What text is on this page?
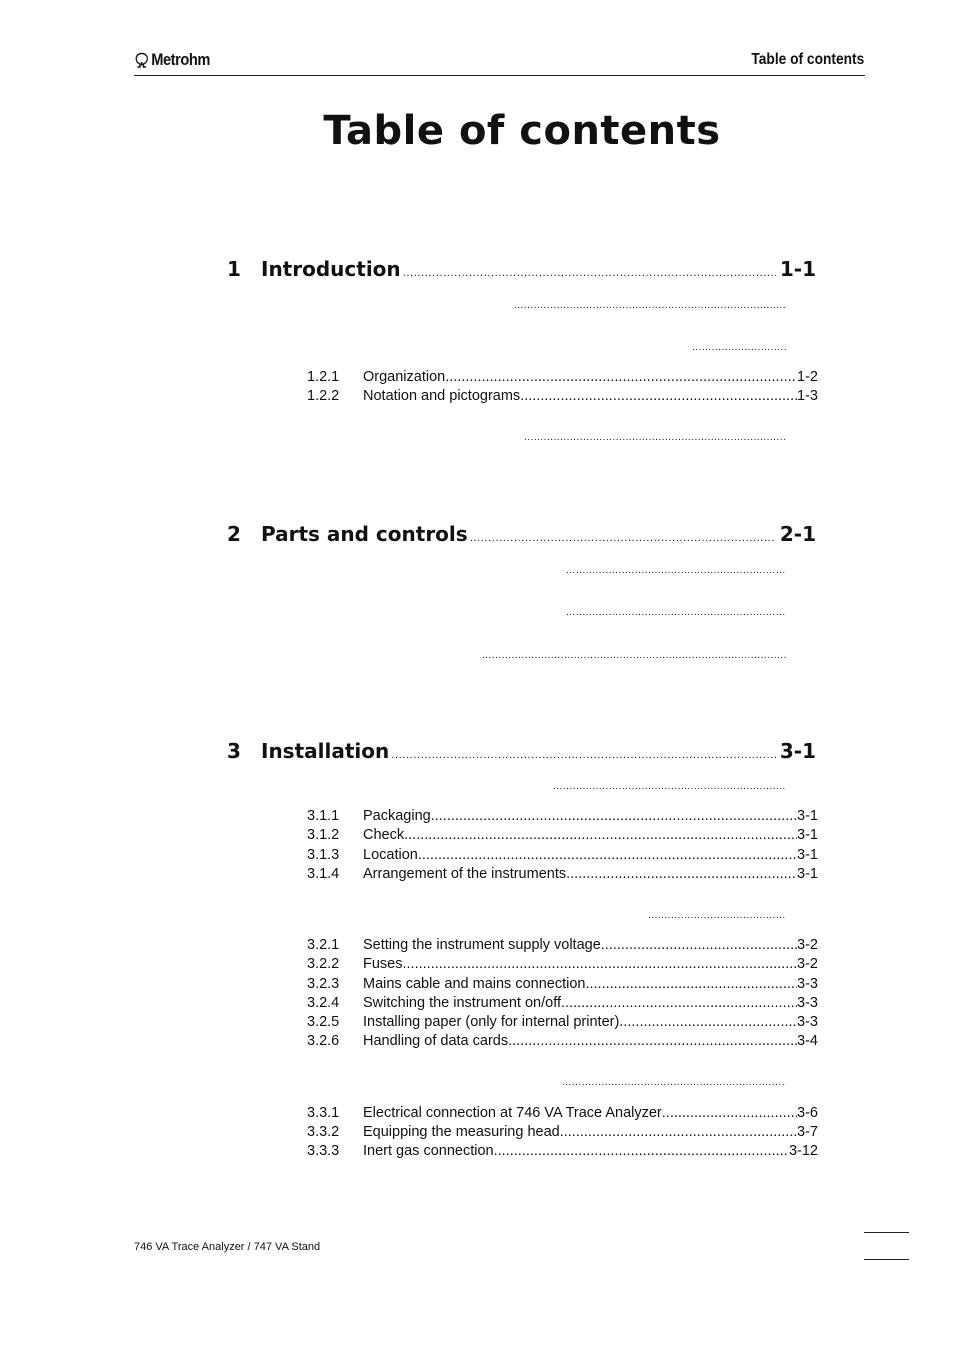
Metrohm	Table of contents
Table of contents
1	Introduction .....	1-1
.....
.....
1.2.1	Organization .....	1-2
1.2.2	Notation and pictograms .....	1-3
.....
2	Parts and controls .....	2-1
.....
.....
.....
3	Installation .....	3-1
.....
3.1.1	Packaging .....	3-1
3.1.2	Check .....	3-1
3.1.3	Location .....	3-1
3.1.4	Arrangement of the instruments .....	3-1
.....
3.2.1	Setting the instrument supply voltage .....	3-2
3.2.2	Fuses .....	3-2
3.2.3	Mains cable and mains connection .....	3-3
3.2.4	Switching the instrument on/off .....	3-3
3.2.5	Installing paper (only for internal printer) .....	3-3
3.2.6	Handling of data cards .....	3-4
.....
3.3.1	Electrical connection at 746 VA Trace Analyzer .....	3-6
3.3.2	Equipping the measuring head .....	3-7
3.3.3	Inert gas connection .....	3-12
746 VA Trace Analyzer / 747 VA Stand
